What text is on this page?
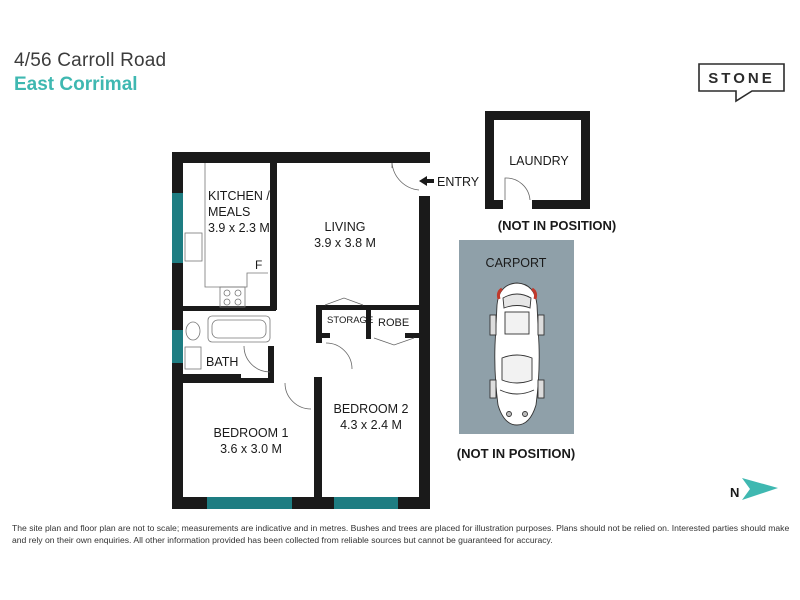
4/56 Carroll Road
East Corrimal	STONE
N
KITCHEN /
MEALS
3.9 x 2.3 M	LIVING
3.9 x 3.8 M
F
BATH
STORAGE ROBE
BEDROOM 1
3.6 x 3.0 M
BEDROOM 2
4.3 x 2.4 M
ENTRY
LAUNDRY
(NOT IN POSITION)
CARPORT
(NOT IN POSITION)
The site plan and floor plan are not to scale; measurements are indicative and in metres. Bushes and trees are placed for illustration purposes. Plans should not be relied on. Interested parties should make and rely on their own enquiries. All other information provided has been collected from reliable sources but cannot be guaranteed for accuracy.
